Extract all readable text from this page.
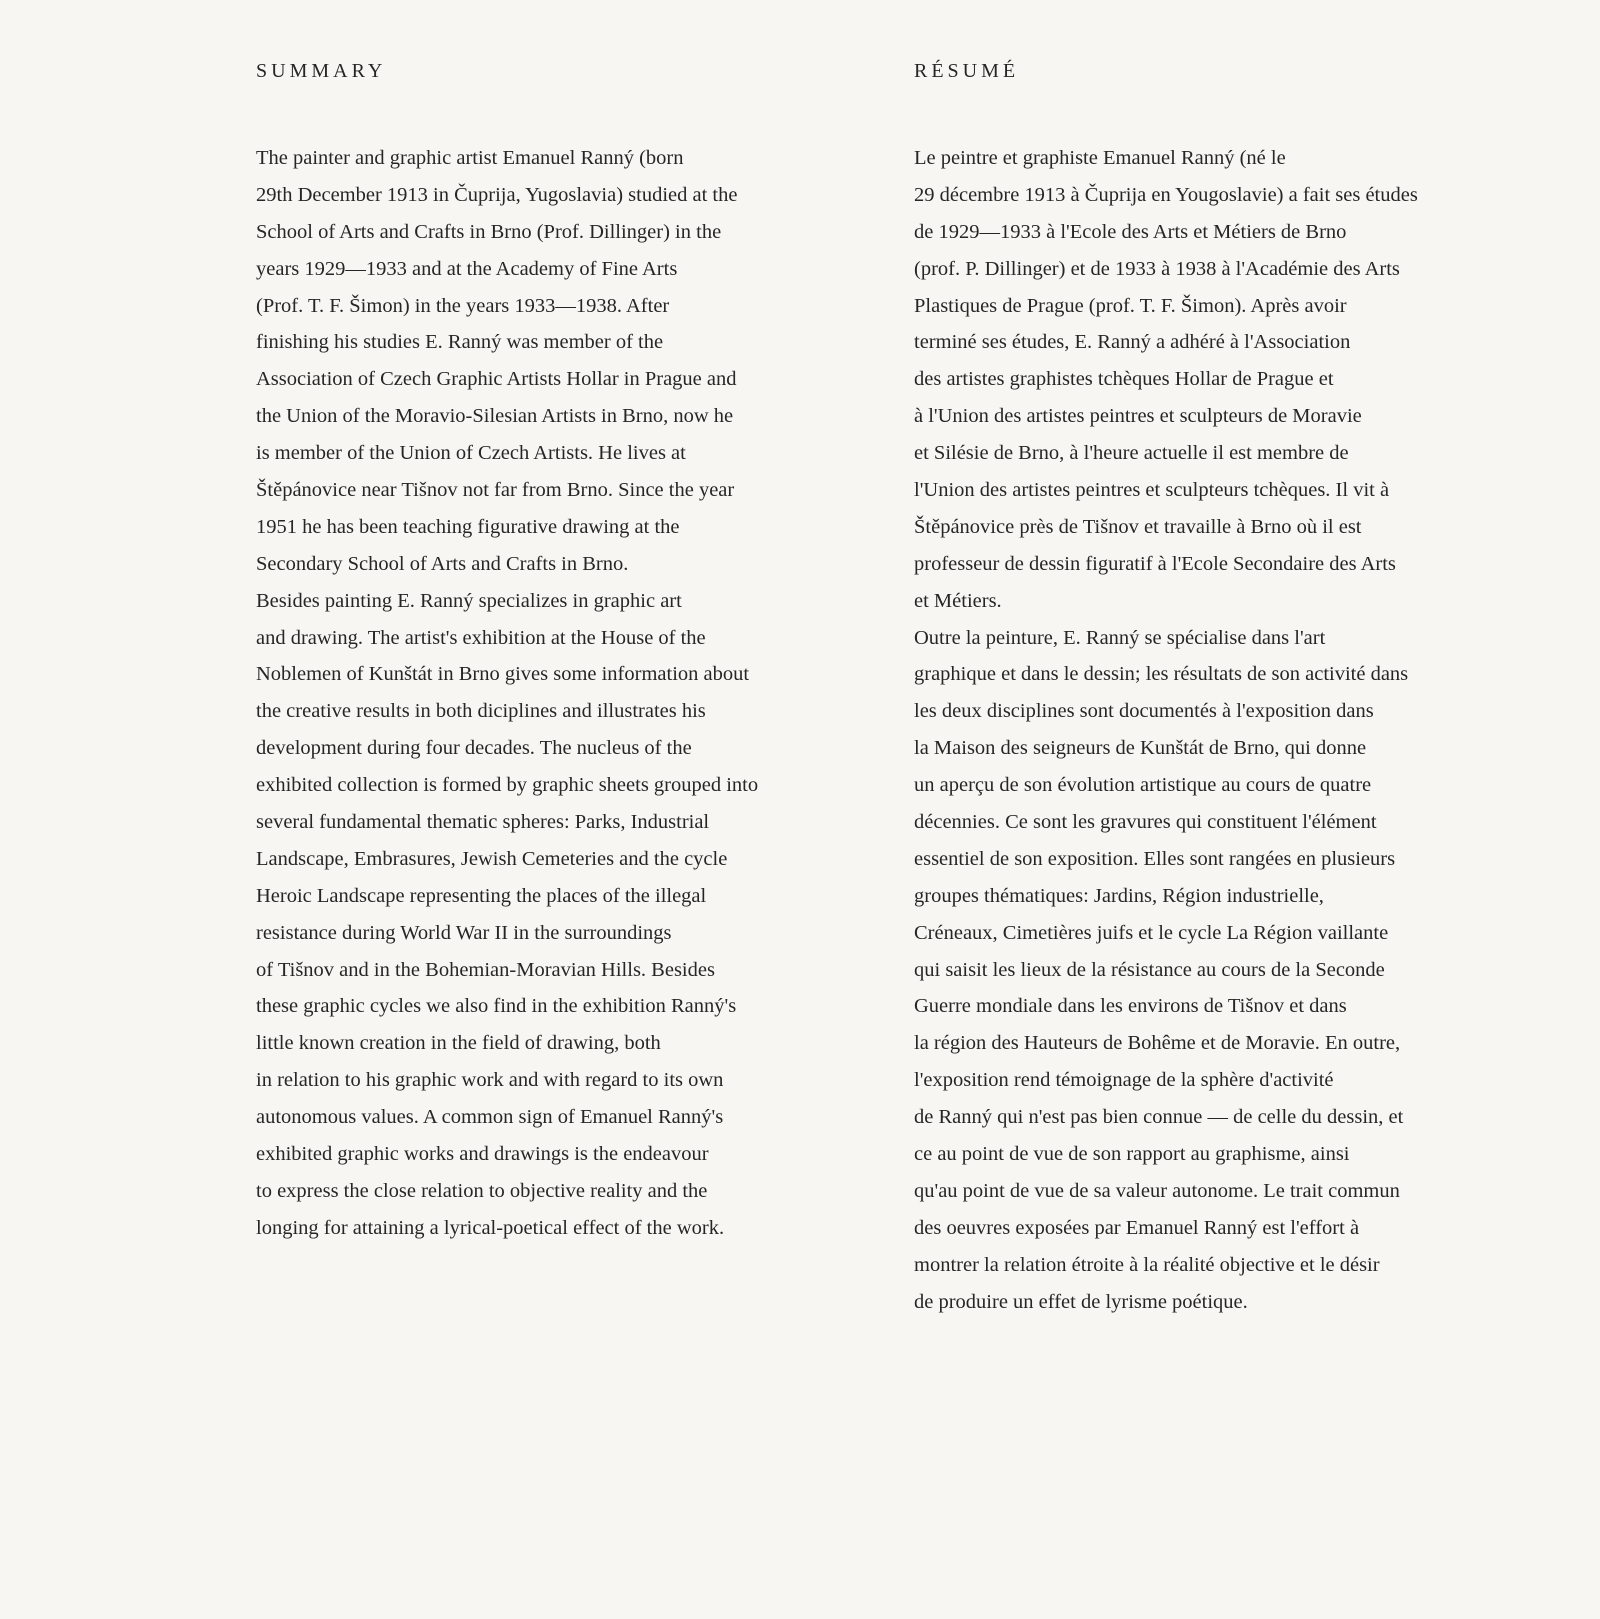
SUMMARY
The painter and graphic artist Emanuel Ranný (born
29th December 1913 in Čuprija, Yugoslavia) studied at the
School of Arts and Crafts in Brno (Prof. Dillinger) in the
years 1929—1933 and at the Academy of Fine Arts
(Prof. T. F. Šimon) in the years 1933—1938. After
finishing his studies E. Ranný was member of the
Association of Czech Graphic Artists Hollar in Prague and
the Union of the Moravio-Silesian Artists in Brno, now he
is member of the Union of Czech Artists. He lives at
Štěpánovice near Tišnov not far from Brno. Since the year
1951 he has been teaching figurative drawing at the
Secondary School of Arts and Crafts in Brno.
Besides painting E. Ranný specializes in graphic art
and drawing. The artist's exhibition at the House of the
Noblemen of Kunštát in Brno gives some information about
the creative results in both diciplines and illustrates his
development during four decades. The nucleus of the
exhibited collection is formed by graphic sheets grouped into
several fundamental thematic spheres: Parks, Industrial
Landscape, Embrasures, Jewish Cemeteries and the cycle
Heroic Landscape representing the places of the illegal
resistance during World War II in the surroundings
of Tišnov and in the Bohemian-Moravian Hills. Besides
these graphic cycles we also find in the exhibition Ranný's
little known creation in the field of drawing, both
in relation to his graphic work and with regard to its own
autonomous values. A common sign of Emanuel Ranný's
exhibited graphic works and drawings is the endeavour
to express the close relation to objective reality and the
longing for attaining a lyrical-poetical effect of the work.
RÉSUMÉ
Le peintre et graphiste Emanuel Ranný (né le
29 décembre 1913 à Čuprija en Yougoslavie) a fait ses études
de 1929—1933 à l'Ecole des Arts et Métiers de Brno
(prof. P. Dillinger) et de 1933 à 1938 à l'Académie des Arts
Plastiques de Prague (prof. T. F. Šimon). Après avoir
terminé ses études, E. Ranný a adhéré à l'Association
des artistes graphistes tchèques Hollar de Prague et
à l'Union des artistes peintres et sculpteurs de Moravie
et Silésie de Brno, à l'heure actuelle il est membre de
l'Union des artistes peintres et sculpteurs tchèques. Il vit à
Štěpánovice près de Tišnov et travaille à Brno où il est
professeur de dessin figuratif à l'Ecole Secondaire des Arts
et Métiers.
Outre la peinture, E. Ranný se spécialise dans l'art
graphique et dans le dessin; les résultats de son activité dans
les deux disciplines sont documentés à l'exposition dans
la Maison des seigneurs de Kunštát de Brno, qui donne
un aperçu de son évolution artistique au cours de quatre
décennies. Ce sont les gravures qui constituent l'élément
essentiel de son exposition. Elles sont rangées en plusieurs
groupes thématiques: Jardins, Région industrielle,
Créneaux, Cimetières juifs et le cycle La Région vaillante
qui saisit les lieux de la résistance au cours de la Seconde
Guerre mondiale dans les environs de Tišnov et dans
la région des Hauteurs de Bohême et de Moravie. En outre,
l'exposition rend témoignage de la sphère d'activité
de Ranný qui n'est pas bien connue — de celle du dessin, et
ce au point de vue de son rapport au graphisme, ainsi
qu'au point de vue de sa valeur autonome. Le trait commun
des oeuvres exposées par Emanuel Ranný est l'effort à
montrer la relation étroite à la réalité objective et le désir
de produire un effet de lyrisme poétique.
